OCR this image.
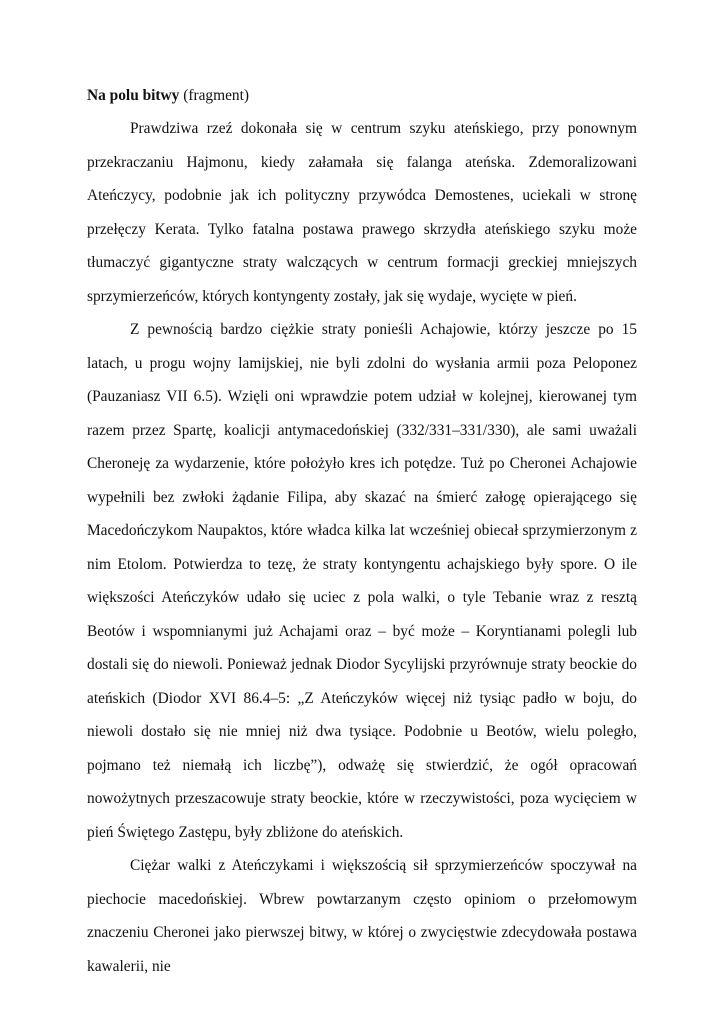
Na polu bitwy (fragment)

Prawdziwa rzeź dokonała się w centrum szyku ateńskiego, przy ponownym przekraczaniu Hajmonu, kiedy załamała się falanga ateńska. Zdemoralizowani Ateńczycy, podobnie jak ich polityczny przywódca Demostenes, uciekali w stronę przełęczy Kerata. Tylko fatalna postawa prawego skrzydła ateńskiego szyku może tłumaczyć gigantyczne straty walczących w centrum formacji greckiej mniejszych sprzymierzeńców, których kontyngenty zostały, jak się wydaje, wycięte w pień.

Z pewnością bardzo ciężkie straty ponieśli Achajowie, którzy jeszcze po 15 latach, u progu wojny lamijskiej, nie byli zdolni do wysłania armii poza Peloponez (Pauzaniasz VII 6.5). Wzięli oni wprawdzie potem udział w kolejnej, kierowanej tym razem przez Spartę, koalicji antymacedońskiej (332/331–331/330), ale sami uważali Cheroneję za wydarzenie, które położyło kres ich potędze. Tuż po Cheronei Achajowie wypełnili bez zwłoki żądanie Filipa, aby skazać na śmierć załogę opierającego się Macedończykom Naupaktos, które władca kilka lat wcześniej obiecał sprzymierzonym z nim Etolom. Potwierdza to tezę, że straty kontyngentu achajskiego były spore. O ile większości Ateńczyków udało się uciec z pola walki, o tyle Tebanie wraz z resztą Beotów i wspomnianymi już Achajami oraz – być może – Koryntianami polegli lub dostali się do niewoli. Ponieważ jednak Diodor Sycylijski przyrównuje straty beockie do ateńskich (Diodor XVI 86.4–5: „Z Ateńczyków więcej niż tysiąc padło w boju, do niewoli dostało się nie mniej niż dwa tysiące. Podobnie u Beotów, wielu poległo, pojmano też niemałą ich liczbę”), odważę się stwierdzić, że ogół opracowań nowożytnych przeszacowuje straty beockie, które w rzeczywistości, poza wycięciem w pień Świętego Zastępu, były zbliżone do ateńskich.

Ciężar walki z Ateńczykami i większością sił sprzymierzeńców spoczywał na piechocie macedońskiej. Wbrew powtarzanym często opiniom o przełomowym znaczeniu Cheronei jako pierwszej bitwy, w której o zwycięstwie zdecydowała postawa kawalerii, nie
